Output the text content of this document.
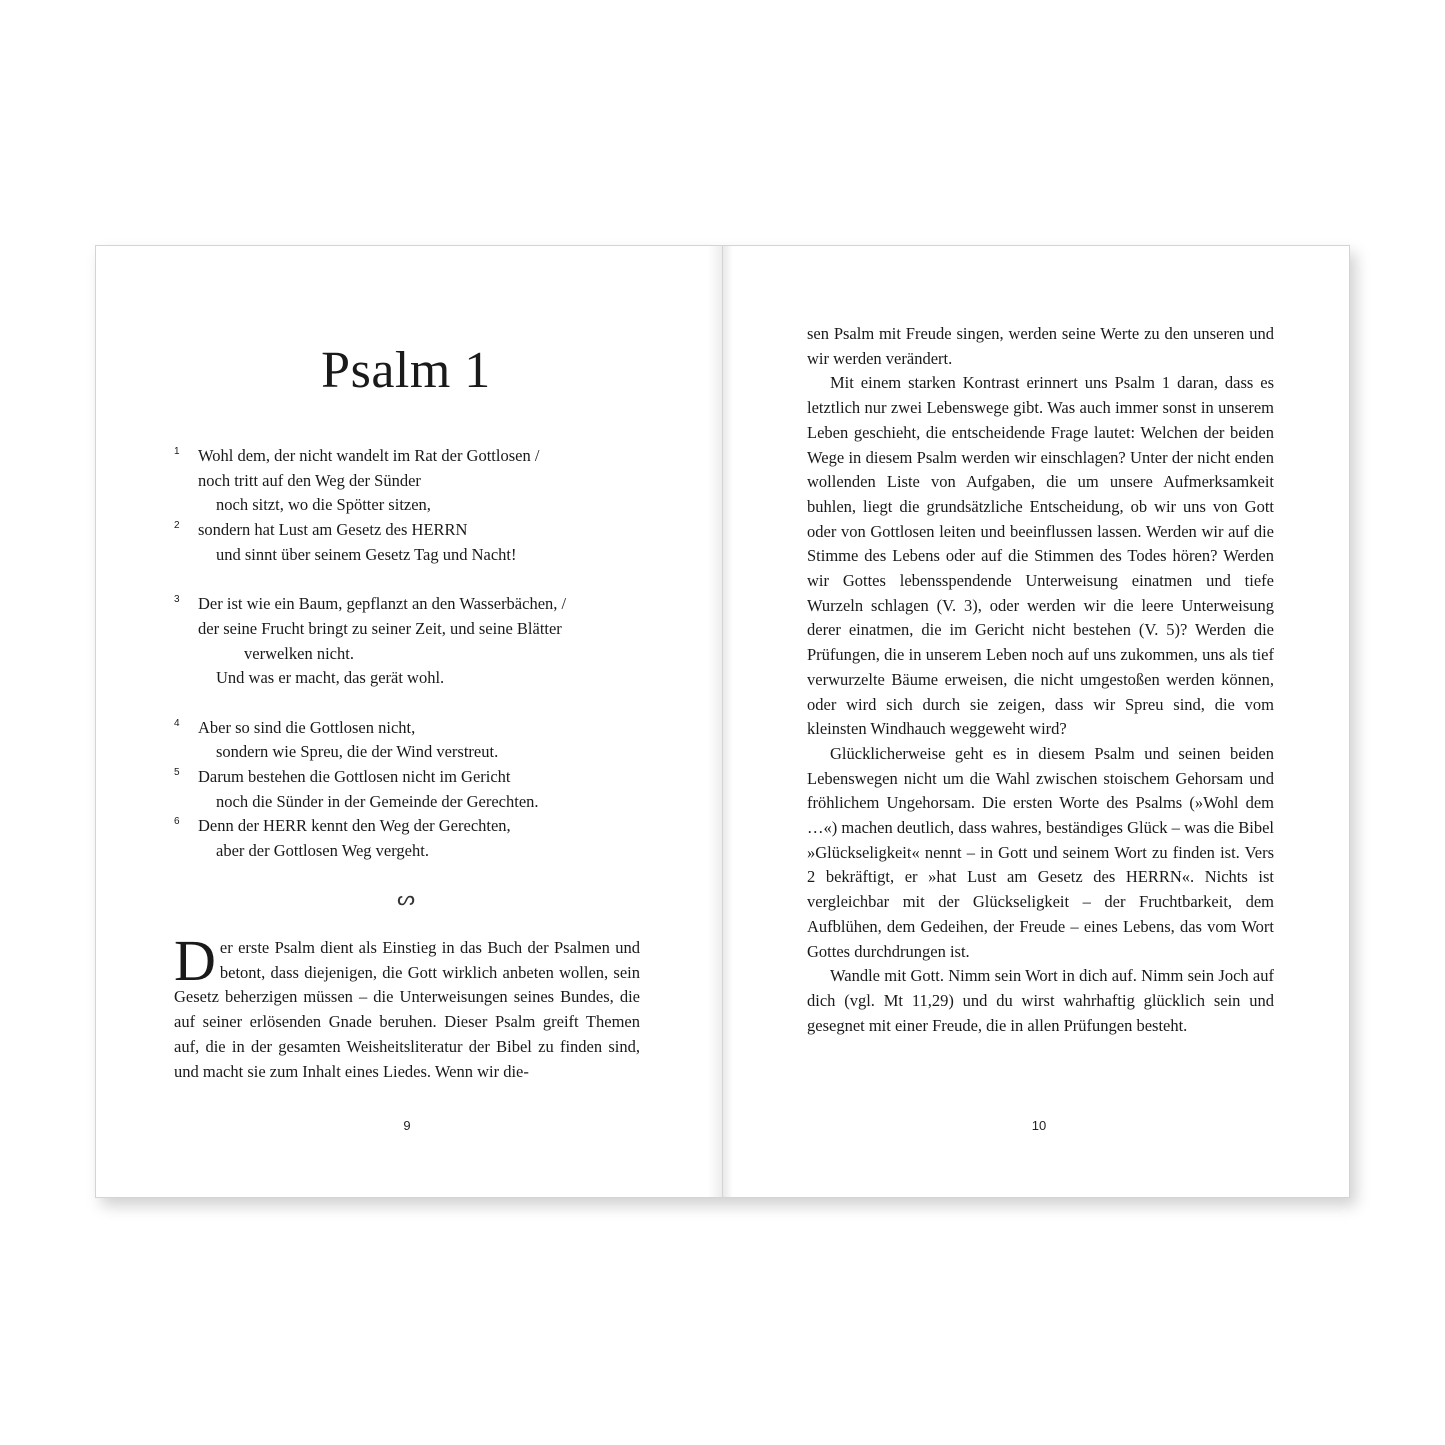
Psalm 1
1 Wohl dem, der nicht wandelt im Rat der Gottlosen /
noch tritt auf den Weg der Sünder
noch sitzt, wo die Spötter sitzen,
2 sondern hat Lust am Gesetz des HERRN
und sinnt über seinem Gesetz Tag und Nacht!
3 Der ist wie ein Baum, gepflanzt an den Wasserbächen, /
der seine Frucht bringt zu seiner Zeit, und seine Blätter
verwelken nicht.
Und was er macht, das gerät wohl.
4 Aber so sind die Gottlosen nicht,
sondern wie Spreu, die der Wind verstreut.
5 Darum bestehen die Gottlosen nicht im Gericht
noch die Sünder in der Gemeinde der Gerechten.
6 Denn der HERR kennt den Weg der Gerechten,
aber der Gottlosen Weg vergeht.
ᔕ
Der erste Psalm dient als Einstieg in das Buch der Psalmen und betont, dass diejenigen, die Gott wirklich anbeten wollen, sein Gesetz beherzigen müssen – die Unterweisungen seines Bundes, die auf seiner erlösenden Gnade beruhen. Dieser Psalm greift Themen auf, die in der gesamten Weisheitsliteratur der Bibel zu finden sind, und macht sie zum Inhalt eines Liedes. Wenn wir die-
9

sen Psalm mit Freude singen, werden seine Werte zu den unseren und wir werden verändert.

Mit einem starken Kontrast erinnert uns Psalm 1 daran, dass es letztlich nur zwei Lebenswege gibt. Was auch immer sonst in unserem Leben geschieht, die entscheidende Frage lautet: Welchen der beiden Wege in diesem Psalm werden wir einschlagen? Unter der nicht enden wollenden Liste von Aufgaben, die um unsere Aufmerksamkeit buhlen, liegt die grundsätzliche Entscheidung, ob wir uns von Gott oder von Gottlosen leiten und beeinflussen lassen. Werden wir auf die Stimme des Lebens oder auf die Stimmen des Todes hören? Werden wir Gottes lebensspendende Unterweisung einatmen und tiefe Wurzeln schlagen (V. 3), oder werden wir die leere Unterweisung derer einatmen, die im Gericht nicht bestehen (V. 5)? Werden die Prüfungen, die in unserem Leben noch auf uns zukommen, uns als tief verwurzelte Bäume erweisen, die nicht umgestoßen werden können, oder wird sich durch sie zeigen, dass wir Spreu sind, die vom kleinsten Windhauch weggeweht wird?

Glücklicherweise geht es in diesem Psalm und seinen beiden Lebenswegen nicht um die Wahl zwischen stoischem Gehorsam und fröhlichem Ungehorsam. Die ersten Worte des Psalms (»Wohl dem …«) machen deutlich, dass wahres, beständiges Glück – was die Bibel »Glückseligkeit« nennt – in Gott und seinem Wort zu finden ist. Vers 2 bekräftigt, er »hat Lust am Gesetz des HERRN«. Nichts ist vergleichbar mit der Glückseligkeit – der Fruchtbarkeit, dem Aufblühen, dem Gedeihen, der Freude – eines Lebens, das vom Wort Gottes durchdrungen ist.

Wandle mit Gott. Nimm sein Wort in dich auf. Nimm sein Joch auf dich (vgl. Mt 11,29) und du wirst wahrhaftig glücklich sein und gesegnet mit einer Freude, die in allen Prüfungen besteht.

10
